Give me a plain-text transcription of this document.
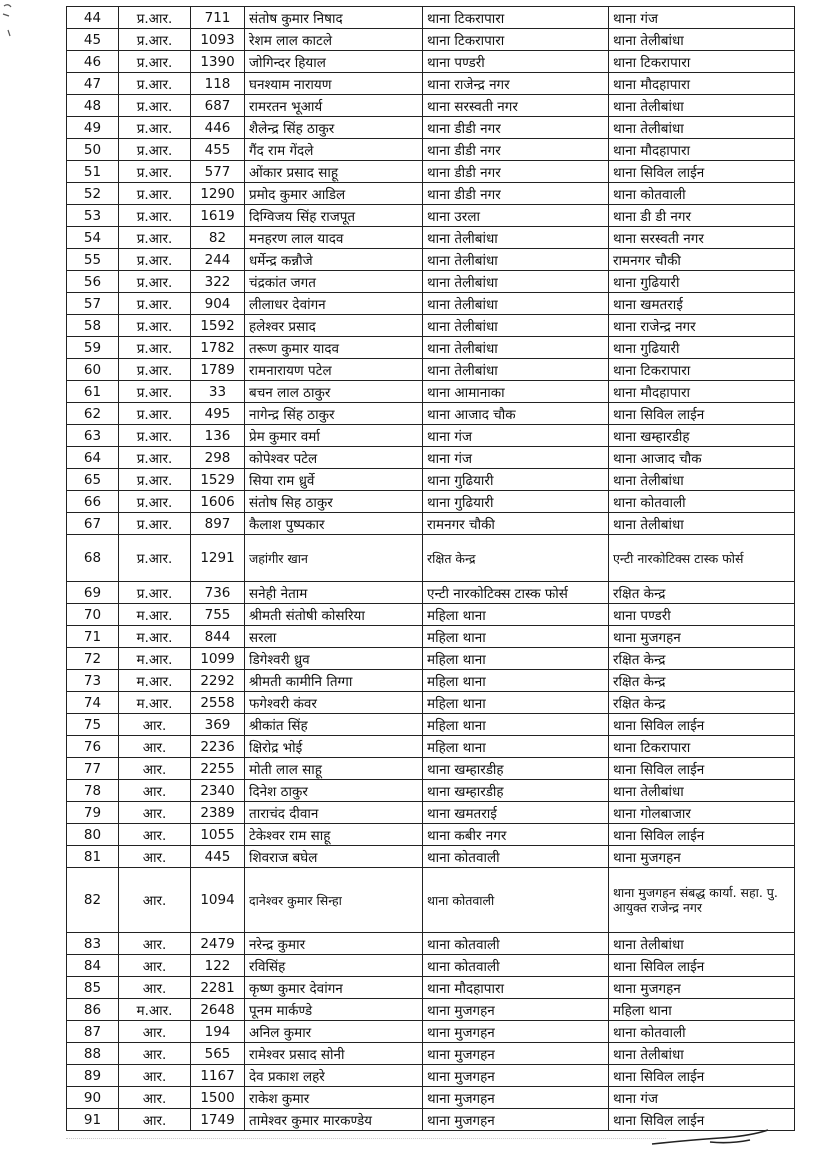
44	प्र.आर.	711	संतोष कुमार निषाद	थाना टिकरापारा	थाना गंज
45	प्र.आर.	1093	रेशम लाल काटले	थाना टिकरापारा	थाना तेलीबांधा
46	प्र.आर.	1390	जोगिन्दर हियाल	थाना पण्डरी	थाना टिकरापारा
47	प्र.आर.	118	घनश्याम नारायण	थाना राजेन्द्र नगर	थाना मौदहापारा
48	प्र.आर.	687	रामरतन भूआर्य	थाना सरस्वती नगर	थाना तेलीबांधा
49	प्र.आर.	446	शैलेन्द्र सिंह ठाकुर	थाना डीडी नगर	थाना तेलीबांधा
50	प्र.आर.	455	गैंद राम गेंदले	थाना डीडी नगर	थाना मौदहापारा
51	प्र.आर.	577	ओंकार प्रसाद साहू	थाना डीडी नगर	थाना सिविल लाईन
52	प्र.आर.	1290	प्रमोद कुमार आडिल	थाना डीडी नगर	थाना कोतवाली
53	प्र.आर.	1619	दिग्विजय सिंह राजपूत	थाना उरला	थाना डी डी नगर
54	प्र.आर.	82	मनहरण लाल यादव	थाना तेलीबांधा	थाना सरस्वती नगर
55	प्र.आर.	244	धर्मेन्द्र कन्नौजे	थाना तेलीबांधा	रामनगर चौकी
56	प्र.आर.	322	चंद्रकांत जगत	थाना तेलीबांधा	थाना गुढियारी
57	प्र.आर.	904	लीलाधर देवांगन	थाना तेलीबांधा	थाना खमतराई
58	प्र.आर.	1592	हलेश्वर प्रसाद	थाना तेलीबांधा	थाना राजेन्द्र नगर
59	प्र.आर.	1782	तरूण कुमार यादव	थाना तेलीबांधा	थाना गुढियारी
60	प्र.आर.	1789	रामनारायण पटेल	थाना तेलीबांधा	थाना टिकरापारा
61	प्र.आर.	33	बचन लाल ठाकुर	थाना आमानाका	थाना मौदहापारा
62	प्र.आर.	495	नागेन्द्र सिंह ठाकुर	थाना आजाद चौक	थाना सिविल लाईन
63	प्र.आर.	136	प्रेम कुमार वर्मा	थाना गंज	थाना खम्हारडीह
64	प्र.आर.	298	कोपेश्वर पटेल	थाना गंज	थाना आजाद चौक
65	प्र.आर.	1529	सिया राम ध्रुर्वे	थाना गुढियारी	थाना तेलीबांधा
66	प्र.आर.	1606	संतोष सिह ठाकुर	थाना गुढियारी	थाना कोतवाली
67	प्र.आर.	897	कैलाश पुष्पकार	रामनगर चौकी	थाना तेलीबांधा
68	प्र.आर.	1291	जहांगीर खान	रक्षित केन्द्र	एन्टी नारकोटिक्स टास्क फोर्स
69	प्र.आर.	736	सनेही नेताम	एन्टी नारकोटिक्स टास्क फोर्स	रक्षित केन्द्र
70	म.आर.	755	श्रीमती संतोषी कोसरिया	महिला थाना	थाना पण्डरी
71	म.आर.	844	सरला	महिला थाना	थाना मुजगहन
72	म.आर.	1099	डिगेश्वरी ध्रुव	महिला थाना	रक्षित केन्द्र
73	म.आर.	2292	श्रीमती कामीनि तिग्गा	महिला थाना	रक्षित केन्द्र
74	म.आर.	2558	फगेश्वरी कंवर	महिला थाना	रक्षित केन्द्र
75	आर.	369	श्रीकांत सिंह	महिला थाना	थाना सिविल लाईन
76	आर.	2236	क्षिरोद्र भोई	महिला थाना	थाना टिकरापारा
77	आर.	2255	मोती लाल साहू	थाना खम्हारडीह	थाना सिविल लाईन
78	आर.	2340	दिनेश ठाकुर	थाना खम्हारडीह	थाना तेलीबांधा
79	आर.	2389	ताराचंद दीवान	थाना खमतराई	थाना गोलबाजार
80	आर.	1055	टेकेश्वर राम साहू	थाना कबीर नगर	थाना सिविल लाईन
81	आर.	445	शिवराज बघेल	थाना कोतवाली	थाना मुजगहन
82	आर.	1094	दानेश्वर कुमार सिन्हा	थाना कोतवाली	थाना मुजगहन संबद्ध कार्या. सहा. पु. आयुक्त राजेन्द्र नगर
83	आर.	2479	नरेन्द्र कुमार	थाना कोतवाली	थाना तेलीबांधा
84	आर.	122	रविसिंह	थाना कोतवाली	थाना सिविल लाईन
85	आर.	2281	कृष्ण कुमार देवांगन	थाना मौदहापारा	थाना मुजगहन
86	म.आर.	2648	पूनम मार्कण्डे	थाना मुजगहन	महिला थाना
87	आर.	194	अनिल कुमार	थाना मुजगहन	थाना कोतवाली
88	आर.	565	रामेश्वर प्रसाद सोनी	थाना मुजगहन	थाना तेलीबांधा
89	आर.	1167	देव प्रकाश लहरे	थाना मुजगहन	थाना सिविल लाईन
90	आर.	1500	राकेश कुमार	थाना मुजगहन	थाना गंज
91	आर.	1749	तामेश्वर कुमार मारकण्डेय	थाना मुजगहन	थाना सिविल लाईन
